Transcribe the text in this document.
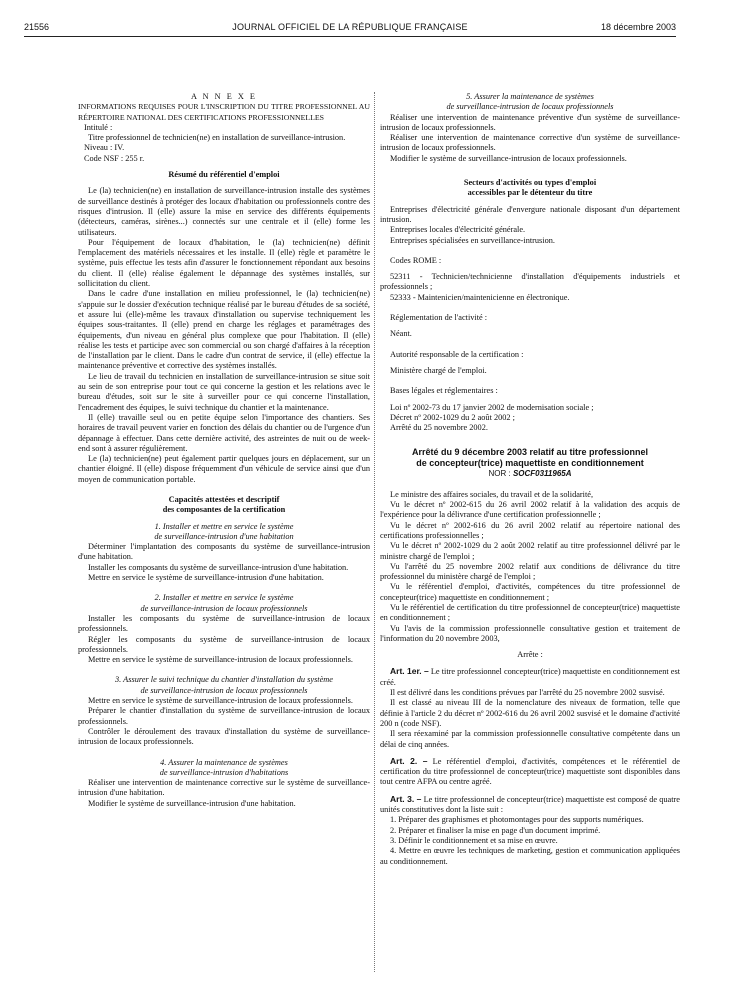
21556	JOURNAL OFFICIEL DE LA RÉPUBLIQUE FRANÇAISE	18 décembre 2003

A N N E X E

INFORMATIONS REQUISES POUR L'INSCRIPTION DU TITRE PROFESSIONNEL AU RÉPERTOIRE NATIONAL DES CERTIFICATIONS PROFESSIONNELLES

Intitulé :

Titre professionnel de technicien(ne) en installation de surveillance-intrusion.

Niveau : IV.

Code NSF : 255 r.

Résumé du référentiel d'emploi

Le (la) technicien(ne) en installation de surveillance-intrusion installe des systèmes de surveillance destinés à protéger des locaux d'habitation ou professionnels contre des risques d'intrusion. Il (elle) assure la mise en service des différents équipements (détecteurs, caméras, sirènes...) connectés sur une centrale et il (elle) forme les utilisateurs.

Pour l'équipement de locaux d'habitation, le (la) technicien(ne) définit l'emplacement des matériels nécessaires et les installe. Il (elle) règle et paramètre le système, puis effectue les tests afin d'assurer le fonctionnement répondant aux besoins du client. Il (elle) réalise également le dépannage des systèmes installés, sur sollicitation du client.

Dans le cadre d'une installation en milieu professionnel, le (la) technicien(ne) s'appuie sur le dossier d'exécution technique réalisé par le bureau d'études de sa société, et assure lui (elle)-même les travaux d'installation ou supervise techniquement les équipes sous-traitantes. Il (elle) prend en charge les réglages et paramétrages des équipements, d'un niveau en général plus complexe que pour l'habitation. Il (elle) réalise les tests et participe avec son commercial ou son chargé d'affaires à la réception de l'installation par le client. Dans le cadre d'un contrat de service, il (elle) effectue la maintenance préventive et corrective des systèmes installés.

Le lieu de travail du technicien en installation de surveillance-intrusion se situe soit au sein de son entreprise pour tout ce qui concerne la gestion et les relations avec le bureau d'études, soit sur le site à surveiller pour ce qui concerne l'installation, l'encadrement des équipes, le suivi technique du chantier et la maintenance.

Il (elle) travaille seul ou en petite équipe selon l'importance des chantiers. Ses horaires de travail peuvent varier en fonction des délais du chantier ou de l'urgence d'un dépannage à effectuer. Dans cette dernière activité, des astreintes de nuit ou de week-end sont à assurer régulièrement.

Le (la) technicien(ne) peut également partir quelques jours en déplacement, sur un chantier éloigné. Il (elle) dispose fréquemment d'un véhicule de service ainsi que d'un moyen de communication portable.

Capacités attestées et descriptif

des composantes de la certification

1. Installer et mettre en service le système

de surveillance-intrusion d'une habitation

Déterminer l'implantation des composants du système de surveillance-intrusion d'une habitation.

Installer les composants du système de surveillance-intrusion d'une habitation.

Mettre en service le système de surveillance-intrusion d'une habitation.

2. Installer et mettre en service le système

de surveillance-intrusion de locaux professionnels

Installer les composants du système de surveillance-intrusion de locaux professionnels.

Régler les composants du système de surveillance-intrusion de locaux professionnels.

Mettre en service le système de surveillance-intrusion de locaux professionnels.

3. Assurer le suivi technique du chantier d'installation du système

de surveillance-intrusion de locaux professionnels

Mettre en service le système de surveillance-intrusion de locaux professionnels.

Préparer le chantier d'installation du système de surveillance-intrusion de locaux professionnels.

Contrôler le déroulement des travaux d'installation du système de surveillance-intrusion de locaux professionnels.

4. Assurer la maintenance de systèmes

de surveillance-intrusion d'habitations

Réaliser une intervention de maintenance corrective sur le système de surveillance-intrusion d'une habitation.

Modifier le système de surveillance-intrusion d'une habitation.

5. Assurer la maintenance de systèmes

de surveillance-intrusion de locaux professionnels

Réaliser une intervention de maintenance préventive d'un système de surveillance-intrusion de locaux professionnels.

Réaliser une intervention de maintenance corrective d'un système de surveillance-intrusion de locaux professionnels.

Modifier le système de surveillance-intrusion de locaux professionnels.

Secteurs d'activités ou types d'emploi

accessibles par le détenteur du titre

Entreprises d'électricité générale d'envergure nationale disposant d'un département intrusion.

Entreprises locales d'électricité générale.

Entreprises spécialisées en surveillance-intrusion.

Codes ROME :

52311 - Technicien/technicienne d'installation d'équipements industriels et professionnels ;

52333 - Maintenicien/maintenicienne en électronique.

Réglementation de l'activité :

Néant.

Autorité responsable de la certification :

Ministère chargé de l'emploi.

Bases légales et réglementaires :

Loi nº 2002-73 du 17 janvier 2002 de modernisation sociale ;

Décret nº 2002-1029 du 2 août 2002 ;

Arrêté du 25 novembre 2002.

Arrêté du 9 décembre 2003 relatif au titre professionnel

de concepteur(trice) maquettiste en conditionnement

NOR : SOCF0311965A

Le ministre des affaires sociales, du travail et de la solidarité,

Vu le décret nº 2002-615 du 26 avril 2002 relatif à la validation des acquis de l'expérience pour la délivrance d'une certification professionnelle ;

Vu le décret nº 2002-616 du 26 avril 2002 relatif au répertoire national des certifications professionnelles ;

Vu le décret nº 2002-1029 du 2 août 2002 relatif au titre professionnel délivré par le ministre chargé de l'emploi ;

Vu l'arrêté du 25 novembre 2002 relatif aux conditions de délivrance du titre professionnel du ministère chargé de l'emploi ;

Vu le référentiel d'emploi, d'activités, compétences du titre professionnel de concepteur(trice) maquettiste en conditionnement ;

Vu le référentiel de certification du titre professionnel de concepteur(trice) maquettiste en conditionnement ;

Vu l'avis de la commission professionnelle consultative gestion et traitement de l'information du 20 novembre 2003,

Arrête :

Art. 1er. – Le titre professionnel concepteur(trice) maquettiste en conditionnement est créé.

Il est délivré dans les conditions prévues par l'arrêté du 25 novembre 2002 susvisé.

Il est classé au niveau III de la nomenclature des niveaux de formation, telle que définie à l'article 2 du décret nº 2002-616 du 26 avril 2002 susvisé et le domaine d'activité 200 n (code NSF).

Il sera réexaminé par la commission professionnelle consultative compétente dans un délai de cinq années.

Art. 2. – Le référentiel d'emploi, d'activités, compétences et le référentiel de certification du titre professionnel de concepteur(trice) maquettiste sont disponibles dans tout centre AFPA ou centre agréé.

Art. 3. – Le titre professionnel de concepteur(trice) maquettiste est composé de quatre unités constitutives dont la liste suit :

1. Préparer des graphismes et photomontages pour des supports numériques.

2. Préparer et finaliser la mise en page d'un document imprimé.

3. Définir le conditionnement et sa mise en œuvre.

4. Mettre en œuvre les techniques de marketing, gestion et communication appliquées au conditionnement.
